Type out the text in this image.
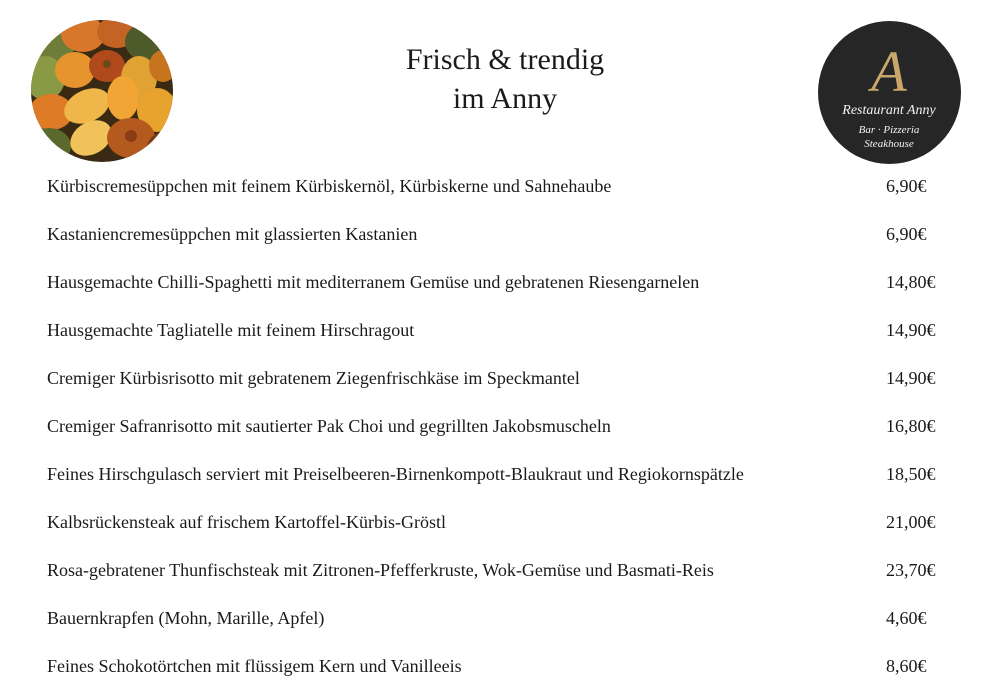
Frisch & trendig
im Anny	A
Restaurant Anny
Bar · Pizzeria
Steakhouse
Kürbiscremesüppchen mit feinem Kürbiskernöl, Kürbiskerne und Sahnehaube	6,90€
Kastaniencremesüppchen mit glassierten Kastanien	6,90€
Hausgemachte Chilli-Spaghetti mit mediterranem Gemüse und gebratenen Riesengarnelen	14,80€
Hausgemachte Tagliatelle mit feinem Hirschragout	14,90€
Cremiger Kürbisrisotto mit gebratenem Ziegenfrischkäse im Speckmantel	14,90€
Cremiger Safranrisotto mit sautierter Pak Choi und gegrillten Jakobsmuscheln	16,80€
Feines Hirschgulasch serviert mit Preiselbeeren-Birnenkompott-Blaukraut und Regiokornspätzle	18,50€
Kalbsrückensteak auf frischem Kartoffel-Kürbis-Gröstl	21,00€
Rosa-gebratener Thunfischsteak mit Zitronen-Pfefferkruste, Wok-Gemüse und Basmati-Reis	23,70€
Bauernkrapfen (Mohn, Marille, Apfel)	4,60€
Feines Schokotörtchen mit flüssigem Kern und Vanilleeis	8,60€
